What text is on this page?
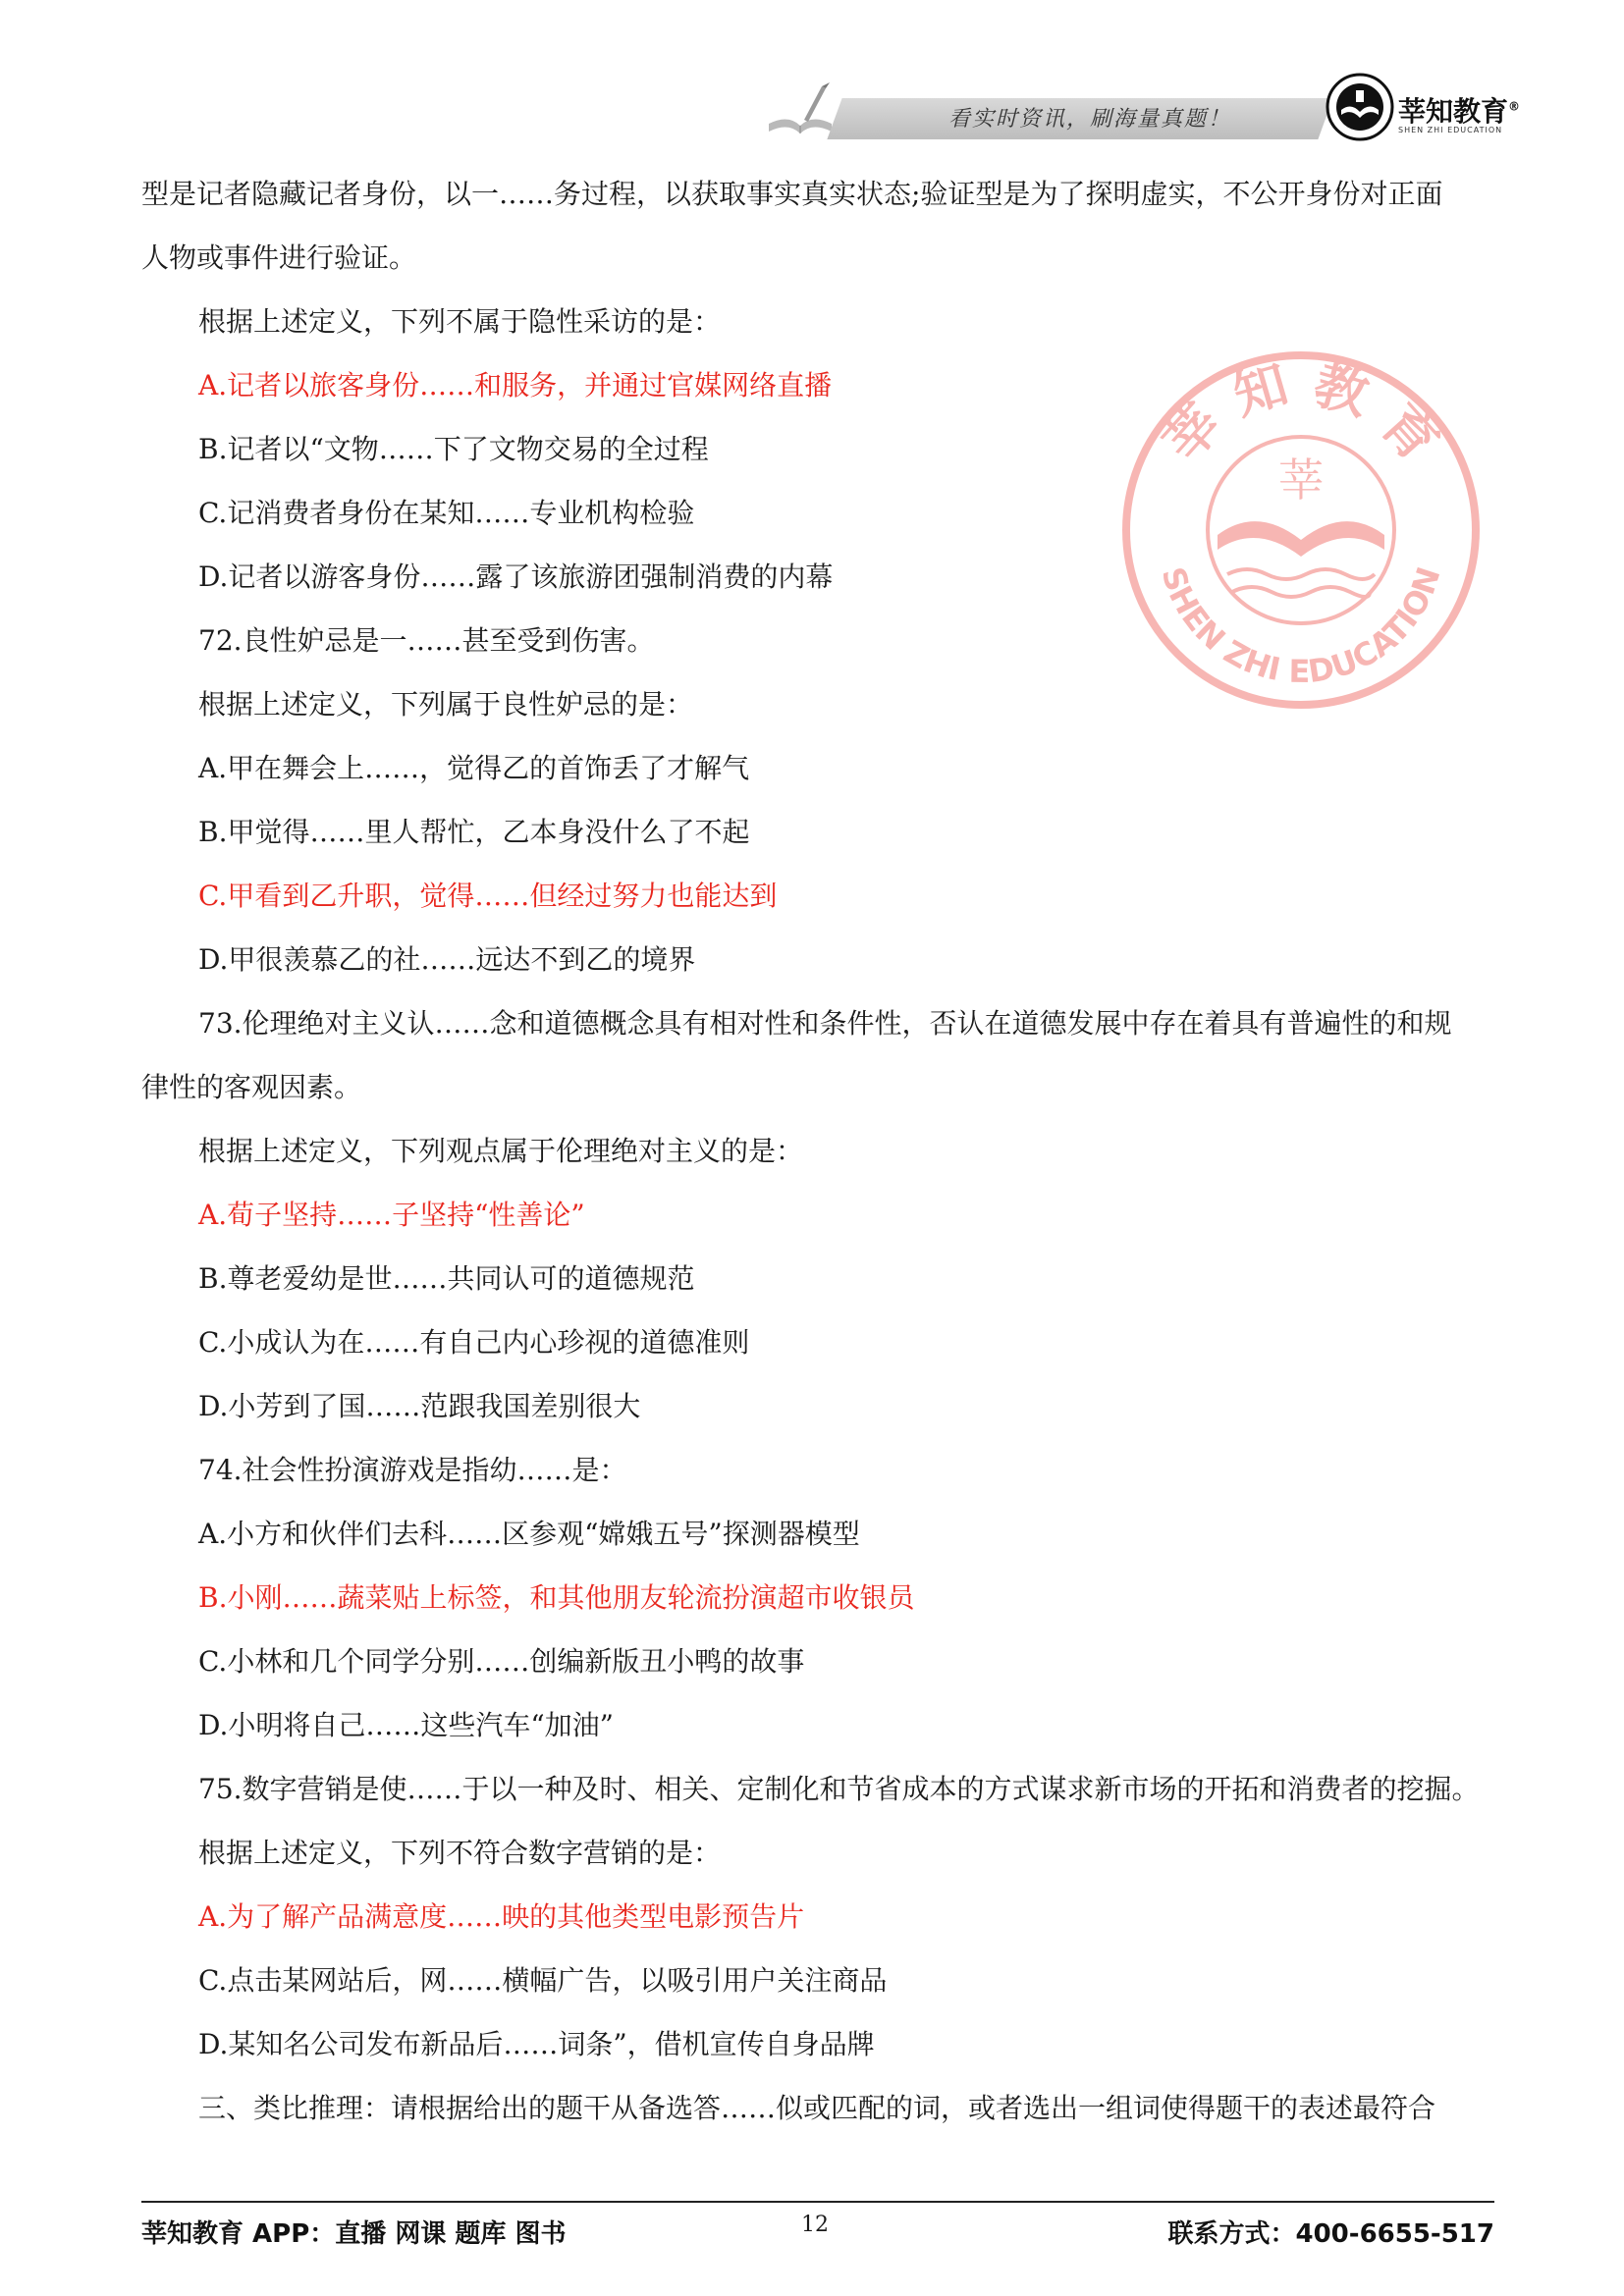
看实时资讯，刷海量真题！	莘知教育®
SHEN ZHI EDUCATION
莘 知 教 育
SHEN ZHI EDUCATION
莘
型是记者隐藏记者身份，以一……务过程，以获取事实真实状态;验证型是为了探明虚实，不公开身份对正面
人物或事件进行验证。
根据上述定义，下列不属于隐性采访的是：
A.记者以旅客身份……和服务，并通过官媒网络直播
B.记者以“文物……下了文物交易的全过程
C.记消费者身份在某知……专业机构检验
D.记者以游客身份……露了该旅游团强制消费的内幕
72.良性妒忌是一……甚至受到伤害。
根据上述定义，下列属于良性妒忌的是：
A.甲在舞会上……，觉得乙的首饰丢了才解气
B.甲觉得……里人帮忙，乙本身没什么了不起
C.甲看到乙升职，觉得……但经过努力也能达到
D.甲很羡慕乙的社……远达不到乙的境界
73.伦理绝对主义认……念和道德概念具有相对性和条件性，否认在道德发展中存在着具有普遍性的和规
律性的客观因素。
根据上述定义，下列观点属于伦理绝对主义的是：
A.荀子坚持……子坚持“性善论”
B.尊老爱幼是世……共同认可的道德规范
C.小成认为在……有自己内心珍视的道德准则
D.小芳到了国……范跟我国差别很大
74.社会性扮演游戏是指幼……是：
A.小方和伙伴们去科……区参观“嫦娥五号”探测器模型
B.小刚……蔬菜贴上标签，和其他朋友轮流扮演超市收银员
C.小林和几个同学分别……创编新版丑小鸭的故事
D.小明将自己……这些汽车“加油”
75.数字营销是使……于以一种及时、相关、定制化和节省成本的方式谋求新市场的开拓和消费者的挖掘。
根据上述定义，下列不符合数字营销的是：
A.为了解产品满意度……映的其他类型电影预告片
C.点击某网站后，网……横幅广告，以吸引用户关注商品
D.某知名公司发布新品后……词条”，借机宣传自身品牌
三、类比推理：请根据给出的题干从备选答……似或匹配的词，或者选出一组词使得题干的表述最符合
莘知教育 APP：直播 网课 题库 图书	12	联系方式：400-6655-517
